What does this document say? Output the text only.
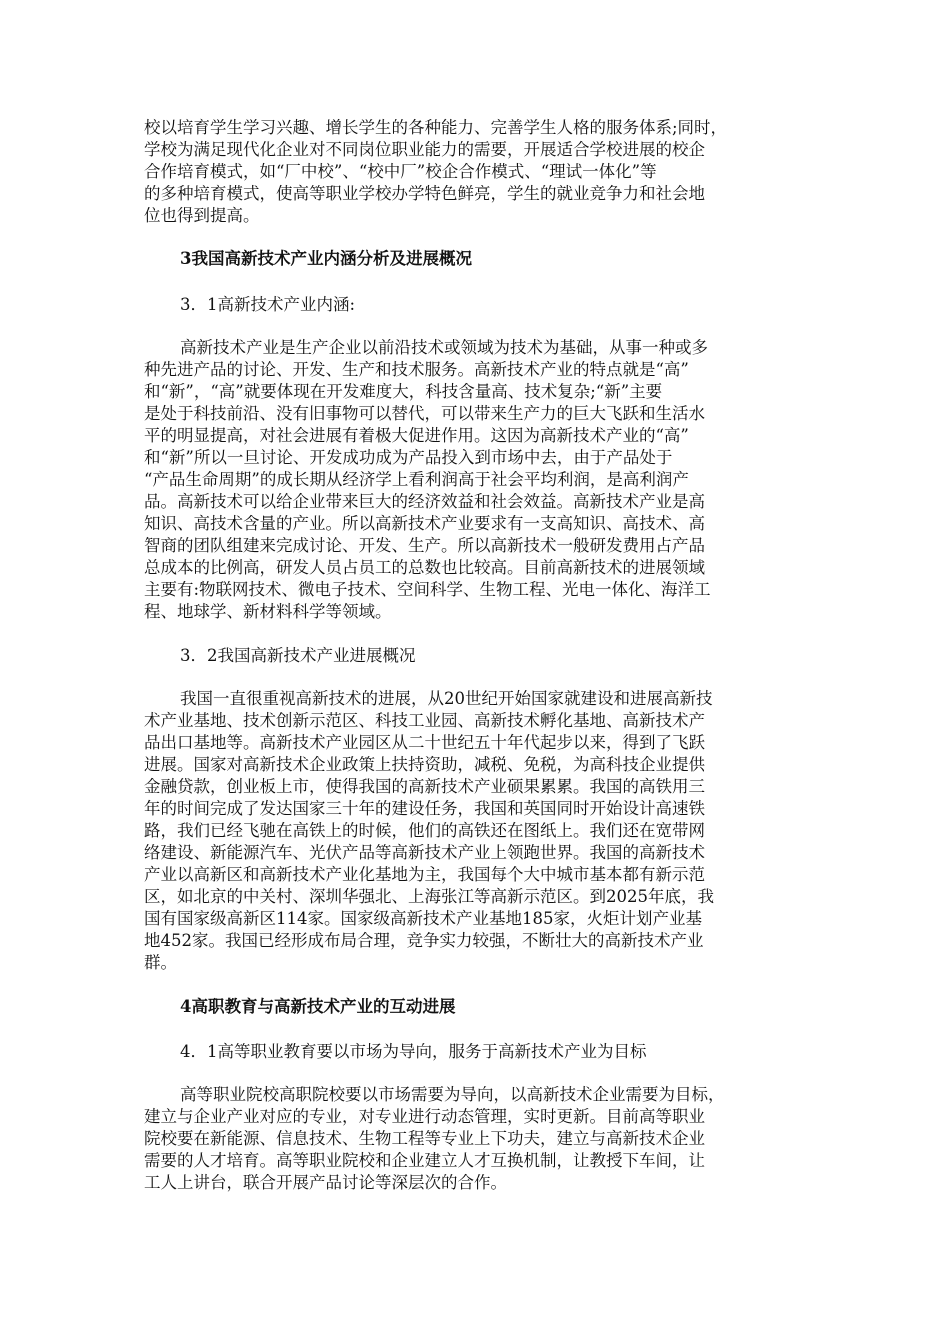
校以培育学生学习兴趣、增长学生的各种能力、完善学生人格的服务体系;同时，
学校为满足现代化企业对不同岗位职业能力的需要，开展适合学校进展的校企
合作培育模式，如“厂中校”、“校中厂”校企合作模式、“理试一体化”等
的多种培育模式，使高等职业学校办学特色鲜亮，学生的就业竞争力和社会地
位也得到提高。
3我国高新技术产业内涵分析及进展概况
3．1高新技术产业内涵:
高新技术产业是生产企业以前沿技术或领域为技术为基础，从事一种或多
种先进产品的讨论、开发、生产和技术服务。高新技术产业的特点就是“高”
和“新”，“高”就要体现在开发难度大，科技含量高、技术复杂;“新”主要
是处于科技前沿、没有旧事物可以替代，可以带来生产力的巨大飞跃和生活水
平的明显提高，对社会进展有着极大促进作用。这因为高新技术产业的“高”
和“新”所以一旦讨论、开发成功成为产品投入到市场中去，由于产品处于
“产品生命周期”的成长期从经济学上看利润高于社会平均利润，是高利润产
品。高新技术可以给企业带来巨大的经济效益和社会效益。高新技术产业是高
知识、高技术含量的产业。所以高新技术产业要求有一支高知识、高技术、高
智商的团队组建来完成讨论、开发、生产。所以高新技术一般研发费用占产品
总成本的比例高，研发人员占员工的总数也比较高。目前高新技术的进展领域
主要有:物联网技术、微电子技术、空间科学、生物工程、光电一体化、海洋工
程、地球学、新材料科学等领域。
3．2我国高新技术产业进展概况
我国一直很重视高新技术的进展，从20世纪开始国家就建设和进展高新技
术产业基地、技术创新示范区、科技工业园、高新技术孵化基地、高新技术产
品出口基地等。高新技术产业园区从二十世纪五十年代起步以来，得到了飞跃
进展。国家对高新技术企业政策上扶持资助，减税、免税，为高科技企业提供
金融贷款，创业板上市，使得我国的高新技术产业硕果累累。我国的高铁用三
年的时间完成了发达国家三十年的建设任务，我国和英国同时开始设计高速铁
路，我们已经飞驰在高铁上的时候，他们的高铁还在图纸上。我们还在宽带网
络建设、新能源汽车、光伏产品等高新技术产业上领跑世界。我国的高新技术
产业以高新区和高新技术产业化基地为主，我国每个大中城市基本都有新示范
区，如北京的中关村、深圳华强北、上海张江等高新示范区。到2025年底，我
国有国家级高新区114家。国家级高新技术产业基地185家，火炬计划产业基
地452家。我国已经形成布局合理，竞争实力较强，不断壮大的高新技术产业
群。
4高职教育与高新技术产业的互动进展
4．1高等职业教育要以市场为导向，服务于高新技术产业为目标
高等职业院校高职院校要以市场需要为导向，以高新技术企业需要为目标，
建立与企业产业对应的专业，对专业进行动态管理，实时更新。目前高等职业
院校要在新能源、信息技术、生物工程等专业上下功夫，建立与高新技术企业
需要的人才培育。高等职业院校和企业建立人才互换机制，让教授下车间，让
工人上讲台，联合开展产品讨论等深层次的合作。
